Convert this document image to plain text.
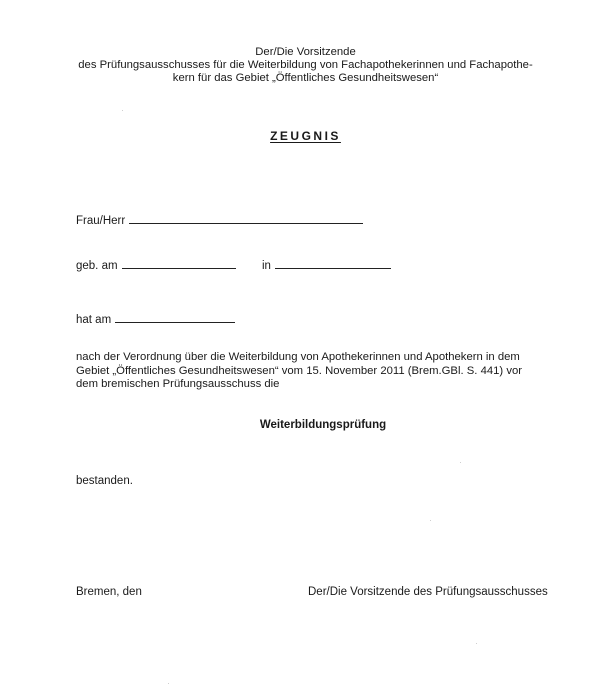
Der/Die Vorsitzende
des Prüfungsausschusses für die Weiterbildung von Fachapothekerinnen und Fachapothe-
kern für das Gebiet „Öffentliches Gesundheitswesen“
ZEUGNIS
Frau/Herr
geb. am	in
hat am
nach der Verordnung über die Weiterbildung von Apothekerinnen und Apothekern in dem
Gebiet „Öffentliches Gesundheitswesen“ vom 15. November 2011 (Brem.GBl. S. 441) vor
dem bremischen Prüfungsausschuss die
Weiterbildungsprüfung
bestanden.
Bremen, den	Der/Die Vorsitzende des Prüfungsausschusses
